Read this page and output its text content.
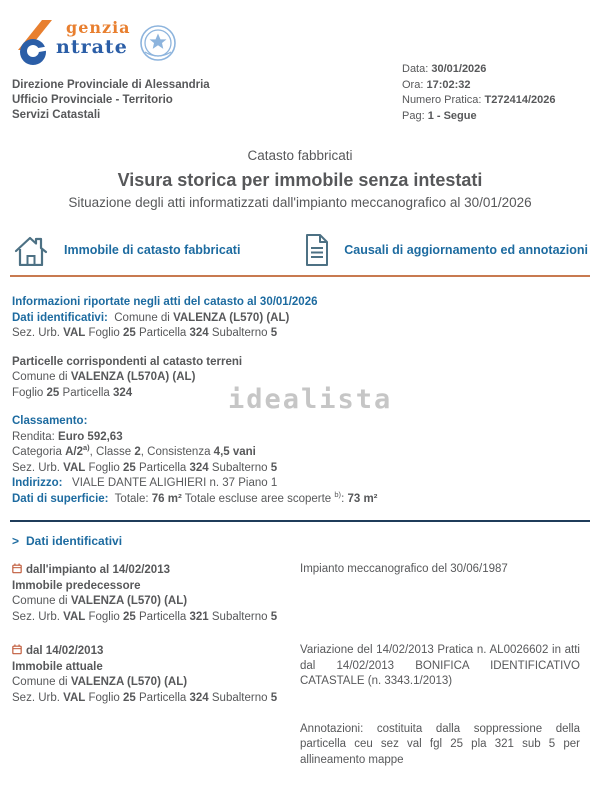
genzia
ntrate
Direzione Provinciale di Alessandria
Ufficio Provinciale - Territorio
Servizi Catastali
Data: 30/01/2026
Ora: 17:02:32
Numero Pratica: T272414/2026
Pag: 1 - Segue
Catasto fabbricati
Visura storica per immobile senza intestati
Situazione degli atti informatizzati dall'impianto meccanografico al 30/01/2026
Immobile di catasto fabbricati	Causali di aggiornamento ed annotazioni

Informazioni riportate negli atti del catasto al 30/01/2026

Dati identificativi:  Comune di VALENZA (L570) (AL)

Sez. Urb. VAL Foglio 25 Particella 324 Subalterno 5

Particelle corrispondenti al catasto terreni

Comune di VALENZA (L570A) (AL)

Foglio 25 Particella 324

Classamento:

Rendita: Euro 592,63

Categoria A/2$^{a)}$, Classe 2, Consistenza 4,5 vani

Sez. Urb. VAL Foglio 25 Particella 324 Subalterno 5

Indirizzo:   VIALE DANTE ALIGHIERI n. 37 Piano 1

Dati di superficie:  Totale: 76 m² Totale escluse aree scoperte $^{b)}$: 73 m²

idealista
> Dati identificativi

dall'impianto al 14/02/2013

Immobile predecessore

Comune di VALENZA (L570) (AL)

Sez. Urb. VAL Foglio 25 Particella 321 Subalterno 5

Impianto meccanografico del 30/06/1987

dal 14/02/2013

Immobile attuale

Comune di VALENZA (L570) (AL)

Sez. Urb. VAL Foglio 25 Particella 324 Subalterno 5

Variazione del 14/02/2013 Pratica n. AL0026602 in atti dal 14/02/2013 BONIFICA IDENTIFICATIVO CATASTALE (n. 3343.1/2013)

Annotazioni: costituita dalla soppressione della particella ceu sez val fgl 25 pla 321 sub 5 per allineamento mappe
